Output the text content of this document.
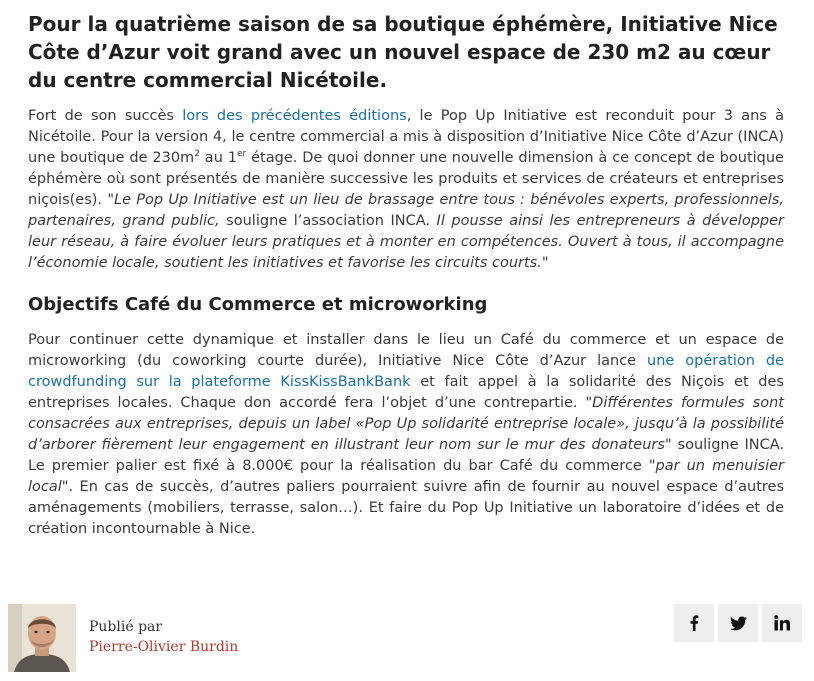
Pour la quatrième saison de sa boutique éphémère, Initiative Nice Côte d’Azur voit grand avec un nouvel espace de 230 m2 au cœur du centre commercial Nicétoile.

Fort de son succès lors des précédentes éditions, le Pop Up Initiative est reconduit pour 3 ans à Nicétoile. Pour la version 4, le centre commercial a mis à disposition d’Initiative Nice Côte d’Azur (INCA) une boutique de $230m^2$ au 1er étage. De quoi donner une nouvelle dimension à ce concept de boutique éphémère où sont présentés de manière successive les produits et services de créateurs et entreprises niçois(es). "Le Pop Up Initiative est un lieu de brassage entre tous : bénévoles experts, professionnels, partenaires, grand public, souligne l’association INCA. Il pousse ainsi les entrepreneurs à développer leur réseau, à faire évoluer leurs pratiques et à monter en compétences. Ouvert à tous, il accompagne l’économie locale, soutient les initiatives et favorise les circuits courts."

Objectifs Café du Commerce et microworking

Pour continuer cette dynamique et installer dans le lieu un Café du commerce et un espace de microworking (du coworking courte durée), Initiative Nice Côte d’Azur lance une opération de crowdfunding sur la plateforme KissKissBankBank et fait appel à la solidarité des Niçois et des entreprises locales. Chaque don accordé fera l’objet d’une contrepartie. "Différentes formules sont consacrées aux entreprises, depuis un label «Pop Up solidarité entreprise locale», jusqu’à la possibilité d’arborer fièrement leur engagement en illustrant leur nom sur le mur des donateurs" souligne INCA. Le premier palier est fixé à 8.000€ pour la réalisation du bar Café du commerce "par un menuisier local". En cas de succès, d’autres paliers pourraient suivre afin de fournir au nouvel espace d’autres aménagements (mobiliers, terrasse, salon…). Et faire du Pop Up Initiative un laboratoire d’idées et de création incontournable à Nice.

Publié par
Pierre-Olivier Burdin
